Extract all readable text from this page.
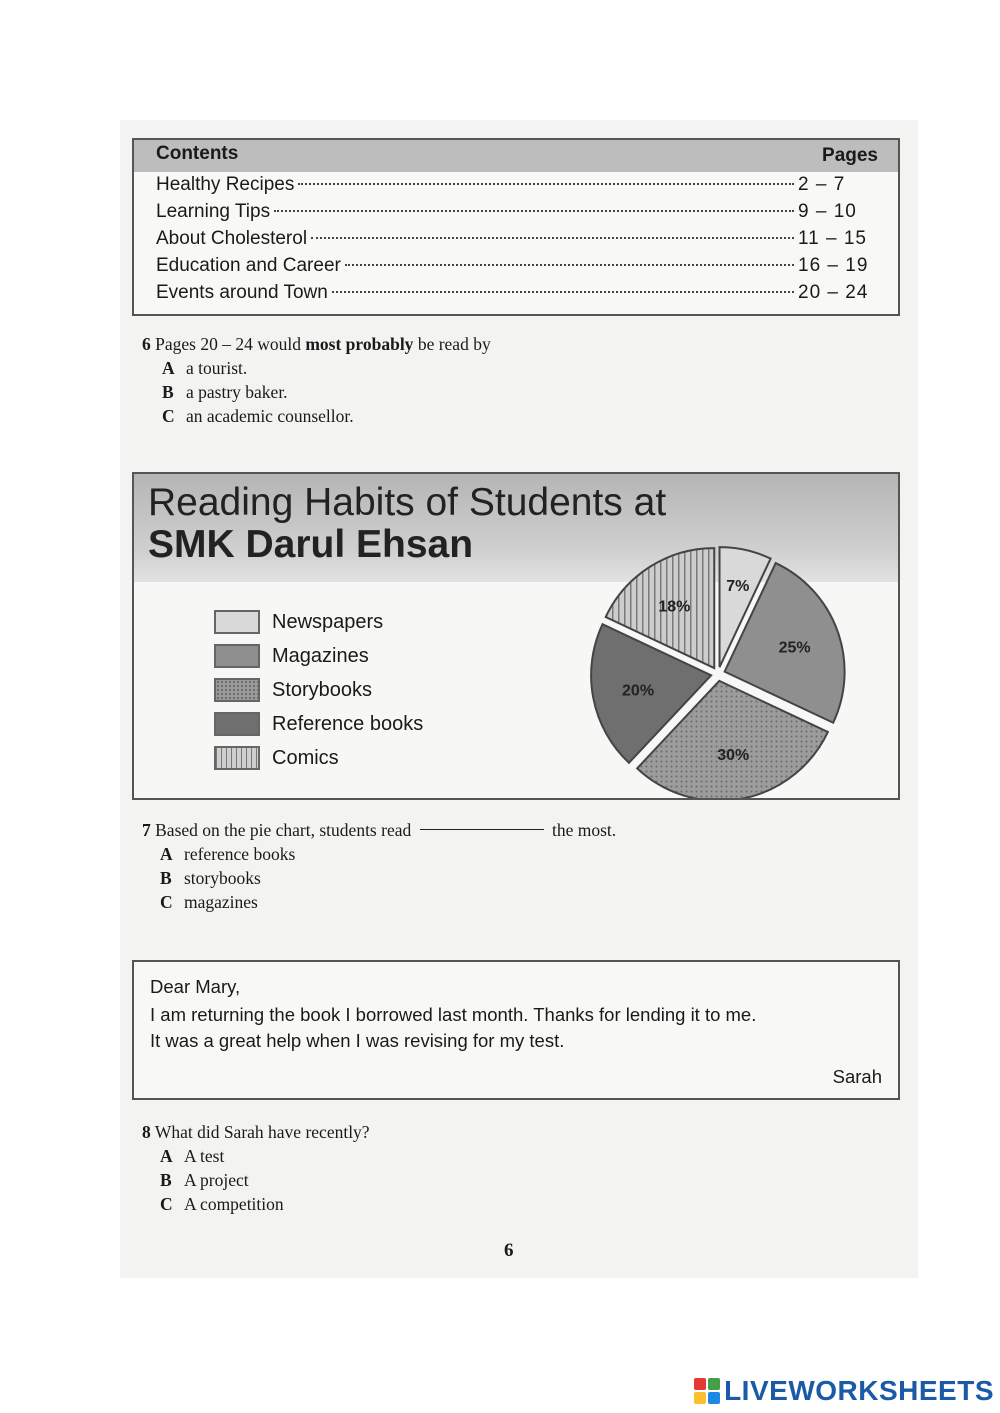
Contents	Pages
Healthy Recipes	2 – 7
Learning Tips	9 – 10
About Cholesterol	11 – 15
Education and Career	16 – 19
Events around Town	20 – 24
6 Pages 20 – 24 would most probably be read by
A a tourist.
B a pastry baker.
C an academic counsellor.
Reading Habits of Students at
SMK Darul Ehsan
Newspapers
Magazines
Storybooks
Reference books
Comics
7%
25%
30%
20%
18%
7 Based on the pie chart, students read	the most.
A reference books
B storybooks
C magazines
Dear Mary,
I am returning the book I borrowed last month. Thanks for lending it to me.
It was a great help when I was revising for my test.
Sarah
8 What did Sarah have recently?
A A test
B A project
C A competition
6
LIVEWORKSHEETS
